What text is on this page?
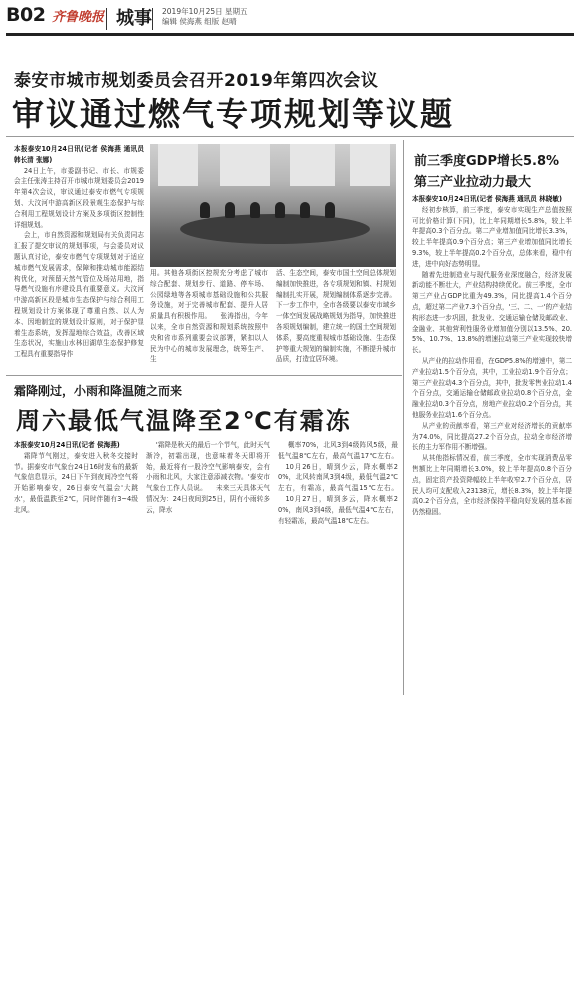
B02 齐鲁晚报 城事 2019年10月25日 星期五
编辑 侯海燕 组版 赵晴
泰安市城市规划委员会召开2019年第四次会议
审议通过燃气专项规划等议题
本报泰安10月24日讯(记者 侯海燕 通讯员 韩长清 张娜)
24日上午，市委副书记、市长、市规委会主任张涛主持召开市城市规划委员会2019年第4次会议，审议通过泰安市燃气专项规划、大汶河中游高新区段景观生态保护与综合利用工程规划设计方案及多项街区控制性详细规划。
会上，市自然资源和规划局有关负责同志汇报了提交审议的规划事项，与会委员对议题认真讨论，泰安市燃气专项规划对于适应城市燃气发展需求，保障和推动城市能源结构优化，对预留天然气管位及场站用地，指导燃气设施有序建设具有重要意义。大汶河中游高新区段是城市生态保护与综合利用工程规划设计方案体现了尊重自然、以人为本、因地制宜的规划设计原则，对于保护显着生态系统，发挥湿地综合效益，改善区域生态状况，实施山水林田湖草生态保护修复工程具有重要指导作
用。其他各项街区控规充分考虑了城市综合配套、规划步行、道路、停车场、公园绿地等各项城市基础设施和公共服务设施，对于完善城市配套、提升人居质量具有积极作用。 　张涛指出，今年以来，全市自然资源和规划系统按照中央和省市系列重要会议部署，紧扣以人民为中心的城市发展理念，统筹生产、生
活、生态空间，泰安市国土空间总体规划编制加快推进，各专项规划和镇、村规划编制扎实开展，规划编制体系逐步完善。下一步工作中，全市各级要以泰安市域乡一体空间发展战略规划为指导，加快推进各项规划编制，建立统一的国土空间规划体系，要高度重视城市基础设施、生态保护等重大规划的编制实施，不断提升城市品质，打造宜居环境。
前三季度GDP增长5.8%
第三产业拉动力最大
本报泰安10月24日讯(记者 侯海燕 通讯员 林晓敏)
经初步核算，前三季度，泰安市实现生产总值按照可比价格计算(下同)，比上年同期增长5.8%，较上半年提高0.3个百分点。第二产业增加值同比增长3.3%，较上半年提高0.9个百分点；第三产业增加值同比增长9.3%，较上半年提高0.2个百分点，总体来看，稳中有进，进中向好态势明显。
随着先进制造业与现代服务业深度融合，经济发展新动能不断壮大，产业结构持续优化。前三季度，全市第三产业占GDP比重为49.3%，同比提高1.4个百分点，超过第二产业7.3个百分点，'三、二、一'的产业结构形态进一步巩固，批发业、交通运输仓储及邮政业、金融业、其他营利性服务业增加值分别以13.5%、20.5%、10.7%、13.8%的增速拉动第三产业实现较快增长。
从产业的拉动作用看，在GDP5.8%的增速中，第二产业拉动1.5个百分点，其中，工业拉动1.9个百分点；第三产业拉动4.3个百分点，其中，批发零售业拉动1.4个百分点，交通运输仓储邮政业拉动0.8个百分点，金融业拉动0.3个百分点，房地产业拉动0.2个百分点，其他服务业拉动1.6个百分点。
从产业的贡献率看，第三产业对经济增长的贡献率为74.0%，同比提高27.2个百分点，拉动全市经济增长的主力军作用不断增强。
从其他指标情况看，前三季度，全市实现消费品零售额比上年同期增长3.0%，较上半年提高0.8个百分点，固定资产投资降幅较上半年收窄2.7个百分点，居民人均可支配收入23138元，增长8.3%，较上半年提高0.2个百分点，全市经济保持平稳向好发展的基本面仍然稳固。
霜降刚过，小雨和降温随之而来
周六最低气温降至2℃有霜冻
本报泰安10月24日讯(记者 侯海燕)
霜降节气刚过，泰安进入秋冬交接时节。据泰安市气象台24日16时发布的最新气象信息显示，24日下午到夜间冷空气将开始影响泰安，26日泰安气温会'大跳水'，最低温跌至2℃，同时伴随有3~4级北风。
'霜降是秋天的最后一个节气，此时天气渐冷，初霜出现，也意味着冬天即将开始，最近将有一股冷空气影响泰安，会有小雨和北风，大家注意添减衣物。'泰安市气象台工作人员说。 　未来三天具体天气情况为：24日夜间到25日，阴有小雨转多云，降水
概率70%，北风3到4级阵风5级，最低气温8℃左右，最高气温17℃左右。 　10月26日，晴到少云，降水概率20%，北风转南风3到4级，最低气温2℃左右，有霜冻，最高气温15℃左右。 　10月27日，晴到多云，降水概率20%，南风3到4级，最低气温4℃左右，有轻霜冻，最高气温18℃左右。
